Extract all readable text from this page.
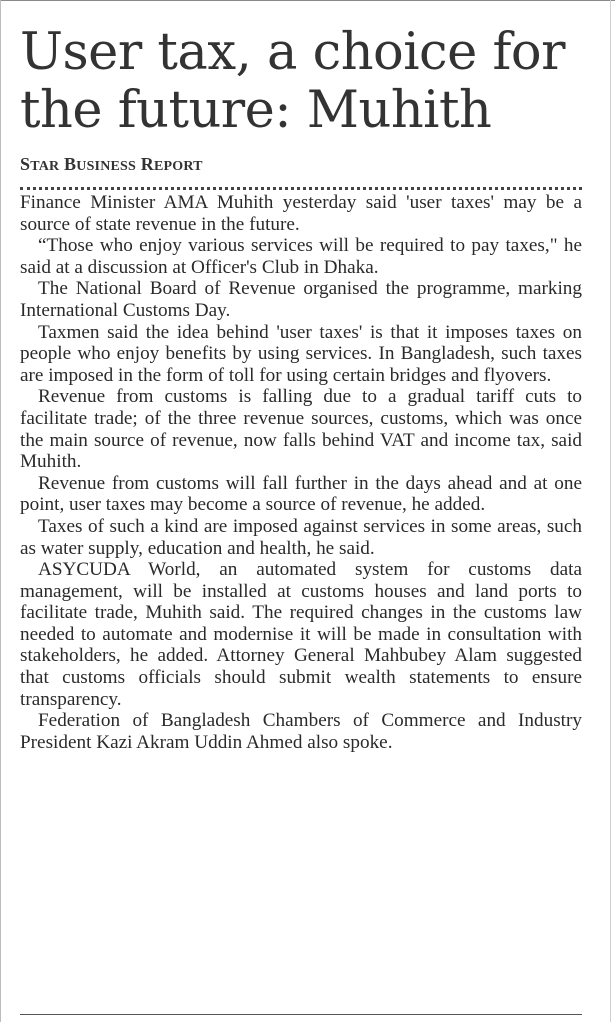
User tax, a choice for the future: Muhith
STAR BUSINESS REPORT

Finance Minister AMA Muhith yesterday said 'user taxes' may be a source of state revenue in the future.

“Those who enjoy various services will be required to pay taxes," he said at a discussion at Officer's Club in Dhaka.

The National Board of Revenue organised the programme, marking International Customs Day.

Taxmen said the idea behind 'user taxes' is that it imposes taxes on people who enjoy benefits by using services. In Bangladesh, such taxes are imposed in the form of toll for using certain bridges and flyovers.

Revenue from customs is falling due to a gradual tariff cuts to facilitate trade; of the three revenue sources, customs, which was once the main source of revenue, now falls behind VAT and income tax, said Muhith.

Revenue from customs will fall further in the days ahead and at one point, user taxes may become a source of revenue, he added.

Taxes of such a kind are imposed against services in some areas, such as water supply, education and health, he said.

ASYCUDA World, an automated system for customs data management, will be installed at customs houses and land ports to facilitate trade, Muhith said. The required changes in the customs law needed to automate and modernise it will be made in consultation with stakeholders, he added. Attorney General Mahbubey Alam suggested that customs officials should submit wealth statements to ensure transparency.

Federation of Bangladesh Chambers of Commerce and Industry President Kazi Akram Uddin Ahmed also spoke.
